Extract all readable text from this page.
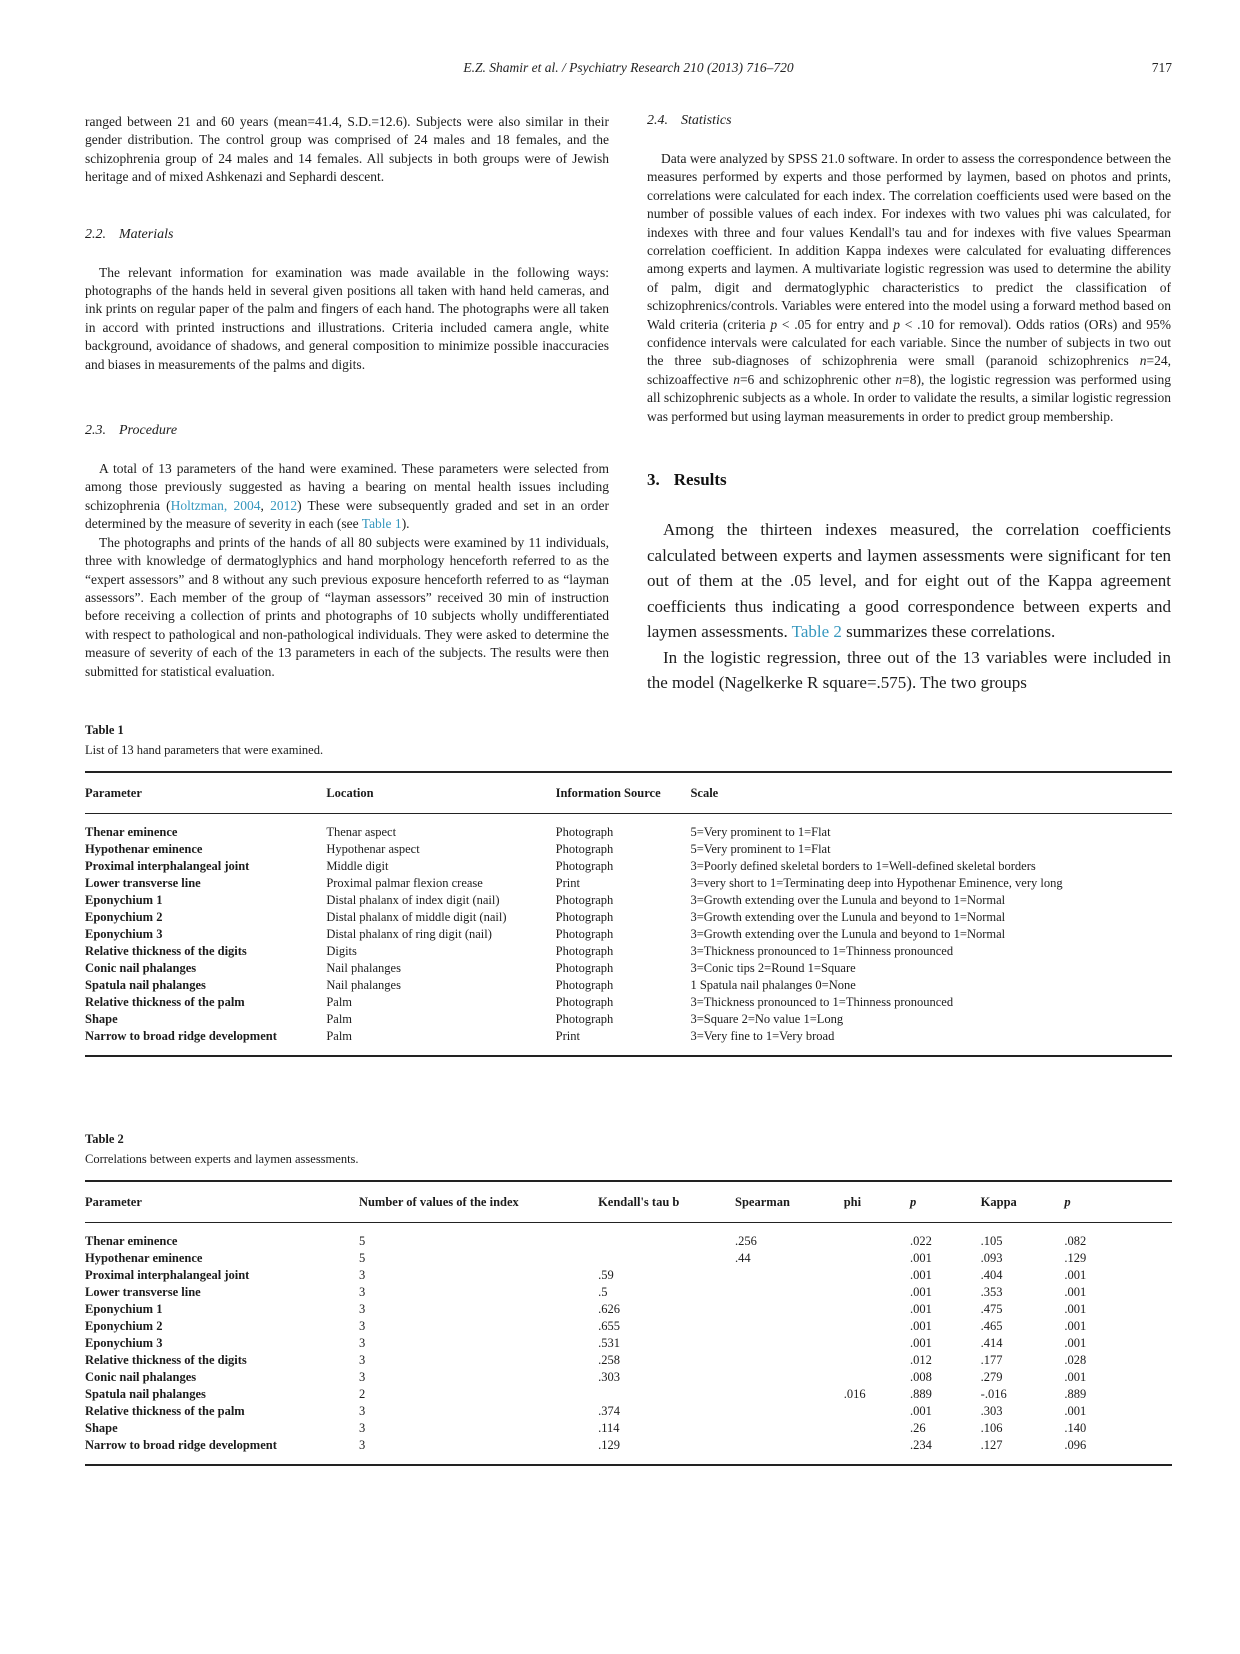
E.Z. Shamir et al. / Psychiatry Research 210 (2013) 716–720	717

ranged between 21 and 60 years (mean=41.4, S.D.=12.6). Subjects were also similar in their gender distribution. The control group was comprised of 24 males and 18 females, and the schizophrenia group of 24 males and 14 females. All subjects in both groups were of Jewish heritage and of mixed Ashkenazi and Sephardi descent.

2.2. Materials

The relevant information for examination was made available in the following ways: photographs of the hands held in several given positions all taken with hand held cameras, and ink prints on regular paper of the palm and fingers of each hand. The photographs were all taken in accord with printed instructions and illustrations. Criteria included camera angle, white background, avoidance of shadows, and general composition to minimize possible inaccuracies and biases in measurements of the palms and digits.

2.3. Procedure

A total of 13 parameters of the hand were examined. These parameters were selected from among those previously suggested as having a bearing on mental health issues including schizophrenia (Holtzman, 2004, 2012) These were subsequently graded and set in an order determined by the measure of severity in each (see Table 1).

The photographs and prints of the hands of all 80 subjects were examined by 11 individuals, three with knowledge of dermatoglyphics and hand morphology henceforth referred to as the “expert assessors” and 8 without any such previous exposure henceforth referred to as “layman assessors”. Each member of the group of “layman assessors” received 30 min of instruction before receiving a collection of prints and photographs of 10 subjects wholly undifferentiated with respect to pathological and non-pathological individuals. They were asked to determine the measure of severity of each of the 13 parameters in each of the subjects. The results were then submitted for statistical evaluation.

2.4. Statistics

Data were analyzed by SPSS 21.0 software. In order to assess the correspondence between the measures performed by experts and those performed by laymen, based on photos and prints, correlations were calculated for each index. The correlation coefficients used were based on the number of possible values of each index. For indexes with two values phi was calculated, for indexes with three and four values Kendall's tau and for indexes with five values Spearman correlation coefficient. In addition Kappa indexes were calculated for evaluating differences among experts and laymen. A multivariate logistic regression was used to determine the ability of palm, digit and dermatoglyphic characteristics to predict the classification of schizophrenics/controls. Variables were entered into the model using a forward method based on Wald criteria (criteria p < .05 for entry and p < .10 for removal). Odds ratios (ORs) and 95% confidence intervals were calculated for each variable. Since the number of subjects in two out the three sub-diagnoses of schizophrenia were small (paranoid schizophrenics n=24, schizoaffective n=6 and schizophrenic other n=8), the logistic regression was performed using all schizophrenic subjects as a whole. In order to validate the results, a similar logistic regression was performed but using layman measurements in order to predict group membership.

3. Results

Among the thirteen indexes measured, the correlation coefficients calculated between experts and laymen assessments were significant for ten out of them at the .05 level, and for eight out of the Kappa agreement coefficients thus indicating a good correspondence between experts and laymen assessments. Table 2 summarizes these correlations.

In the logistic regression, three out of the 13 variables were included in the model (Nagelkerke R square=.575). The two groups

Table 1
List of 13 hand parameters that were examined.
Parameter	Location	Information Source	Scale
Thenar eminence	Thenar aspect	Photograph	5=Very prominent to 1=Flat
Hypothenar eminence	Hypothenar aspect	Photograph	5=Very prominent to 1=Flat
Proximal interphalangeal joint	Middle digit	Photograph	3=Poorly defined skeletal borders to 1=Well-defined skeletal borders
Lower transverse line	Proximal palmar flexion crease	Print	3=very short to 1=Terminating deep into Hypothenar Eminence, very long
Eponychium 1	Distal phalanx of index digit (nail)	Photograph	3=Growth extending over the Lunula and beyond to 1=Normal
Eponychium 2	Distal phalanx of middle digit (nail)	Photograph	3=Growth extending over the Lunula and beyond to 1=Normal
Eponychium 3	Distal phalanx of ring digit (nail)	Photograph	3=Growth extending over the Lunula and beyond to 1=Normal
Relative thickness of the digits	Digits	Photograph	3=Thickness pronounced to 1=Thinness pronounced
Conic nail phalanges	Nail phalanges	Photograph	3=Conic tips 2=Round 1=Square
Spatula nail phalanges	Nail phalanges	Photograph	1 Spatula nail phalanges 0=None
Relative thickness of the palm	Palm	Photograph	3=Thickness pronounced to 1=Thinness pronounced
Shape	Palm	Photograph	3=Square 2=No value 1=Long
Narrow to broad ridge development	Palm	Print	3=Very fine to 1=Very broad
Table 2
Correlations between experts and laymen assessments.
Parameter	Number of values of the index	Kendall's tau b	Spearman	phi	p	Kappa	p
Thenar eminence	5		.256		.022	.105	.082
Hypothenar eminence	5		.44		.001	.093	.129
Proximal interphalangeal joint	3	.59			.001	.404	.001
Lower transverse line	3	.5			.001	.353	.001
Eponychium 1	3	.626			.001	.475	.001
Eponychium 2	3	.655			.001	.465	.001
Eponychium 3	3	.531			.001	.414	.001
Relative thickness of the digits	3	.258			.012	.177	.028
Conic nail phalanges	3	.303			.008	.279	.001
Spatula nail phalanges	2			.016	.889	-.016	.889
Relative thickness of the palm	3	.374			.001	.303	.001
Shape	3	.114			.26	.106	.140
Narrow to broad ridge development	3	.129			.234	.127	.096
